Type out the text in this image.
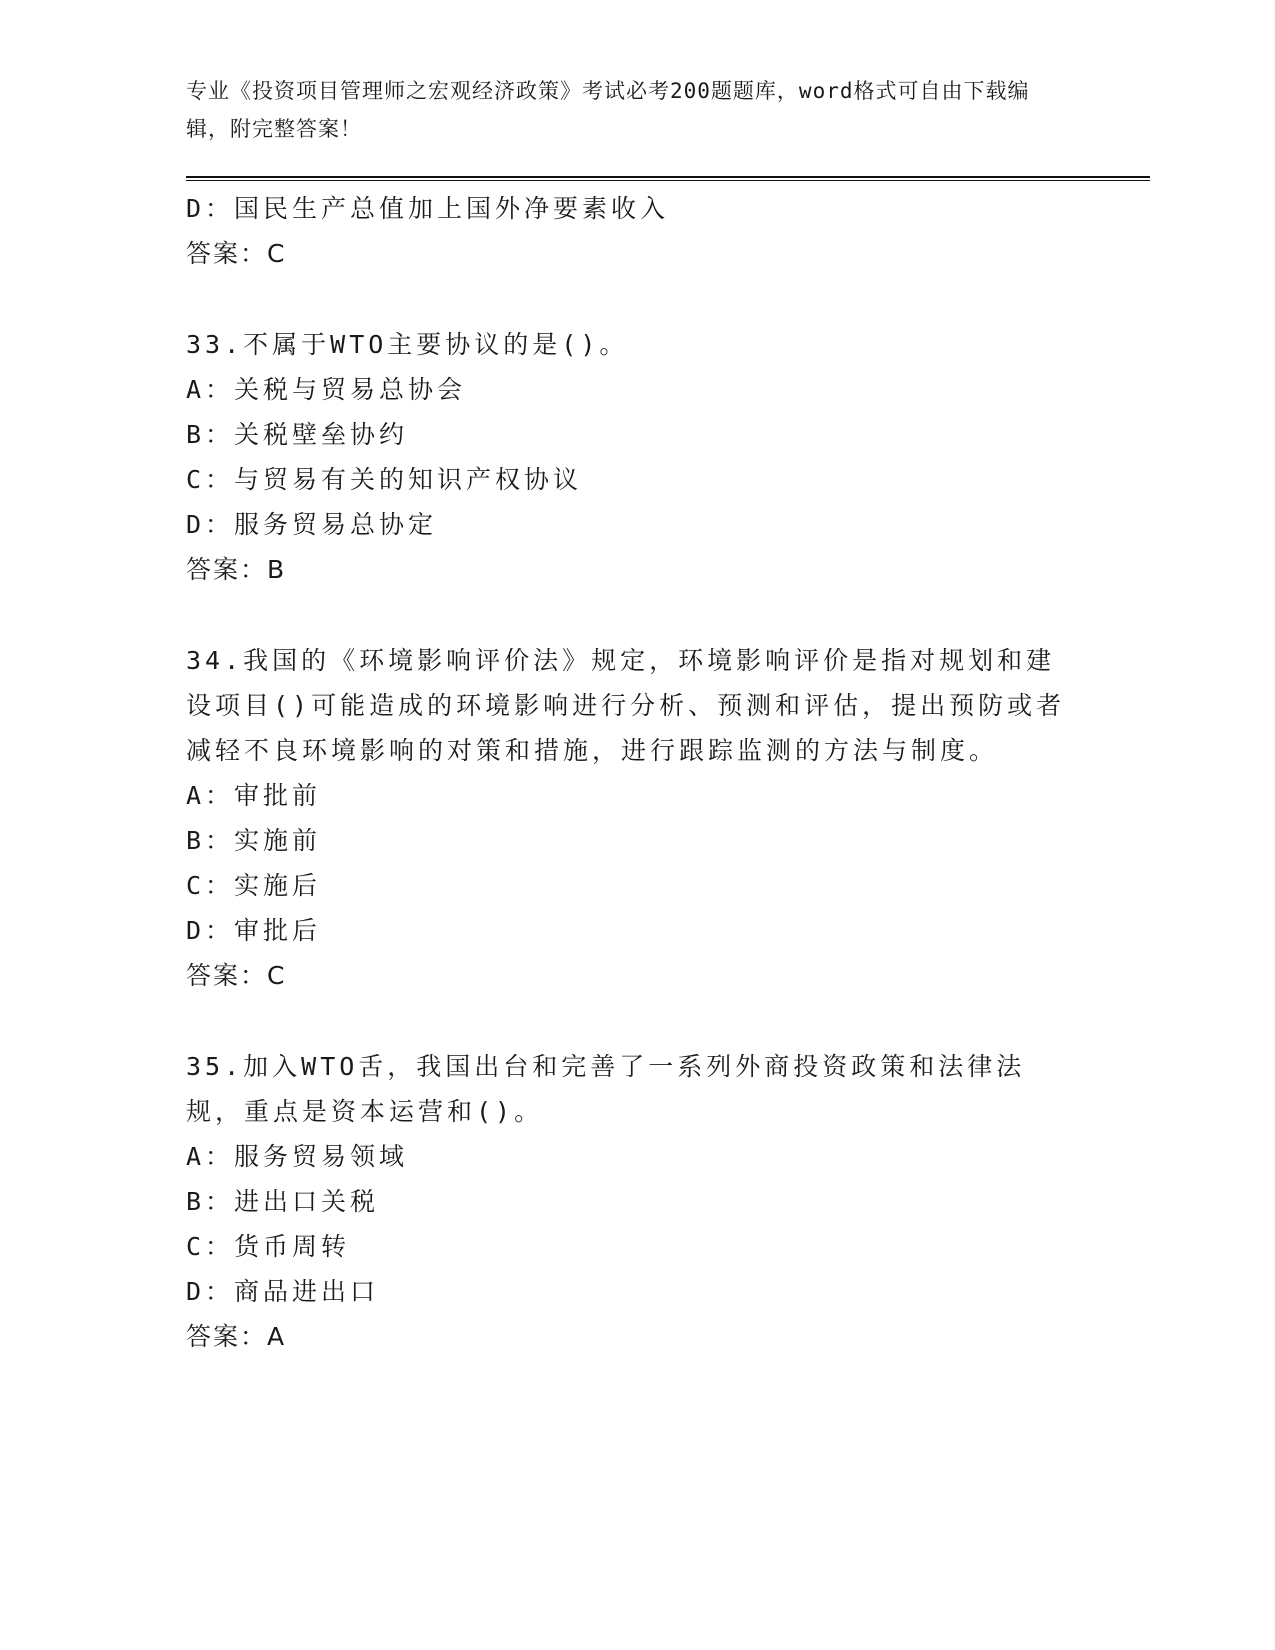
专业《投资项目管理师之宏观经济政策》考试必考200题题库，word格式可自由下载编辑，附完整答案！
D：国民生产总值加上国外净要素收入
答案：C
33.不属于WTO主要协议的是()。
A：关税与贸易总协会
B：关税壁垒协约
C：与贸易有关的知识产权协议
D：服务贸易总协定
答案：B
34.我国的《环境影响评价法》规定，环境影响评价是指对规划和建设项目()可能造成的环境影响进行分析、预测和评估，提出预防或者减轻不良环境影响的对策和措施，进行跟踪监测的方法与制度。
A：审批前
B：实施前
C：实施后
D：审批后
答案：C
35.加入WTO舌，我国出台和完善了一系列外商投资政策和法律法规，重点是资本运营和()。
A：服务贸易领域
B：进出口关税
C：货币周转
D：商品进出口
答案：A
